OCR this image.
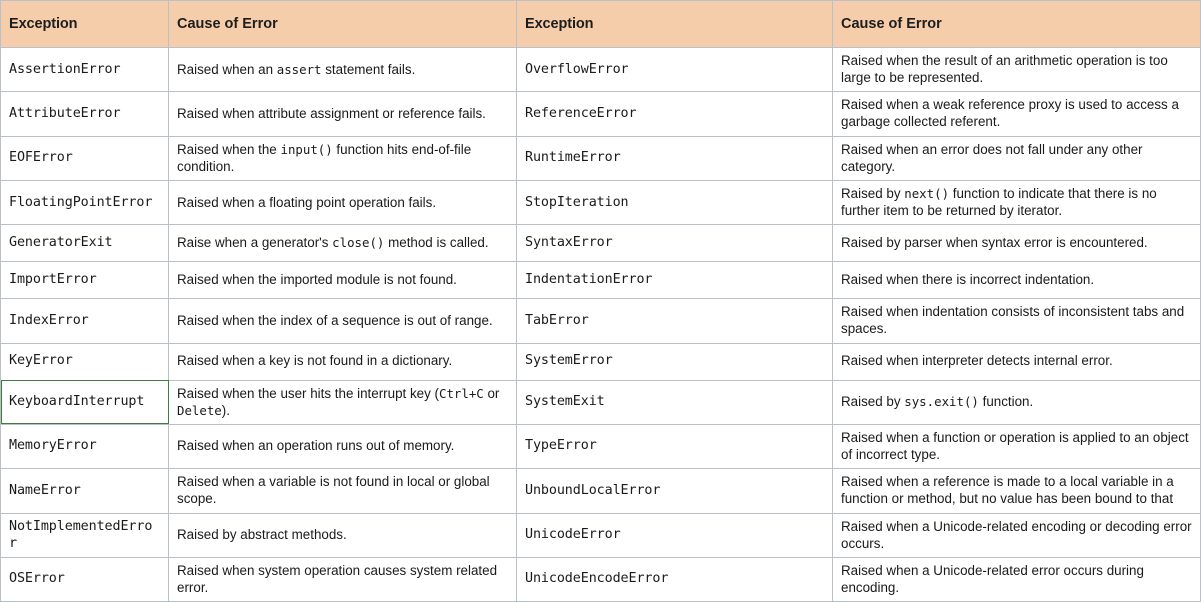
Exception	Cause of Error	Exception	Cause of Error
AssertionError	Raised when an assert statement fails.	OverflowError	Raised when the result of an arithmetic operation is too large to be represented.
AttributeError	Raised when attribute assignment or reference fails.	ReferenceError	Raised when a weak reference proxy is used to access a garbage collected referent.
EOFError	Raised when the input() function hits end-of-file condition.	RuntimeError	Raised when an error does not fall under any other category.
FloatingPointError	Raised when a floating point operation fails.	StopIteration	Raised by next() function to indicate that there is no further item to be returned by iterator.
GeneratorExit	Raise when a generator's close() method is called.	SyntaxError	Raised by parser when syntax error is encountered.
ImportError	Raised when the imported module is not found.	IndentationError	Raised when there is incorrect indentation.
IndexError	Raised when the index of a sequence is out of range.	TabError	Raised when indentation consists of inconsistent tabs and spaces.
KeyError	Raised when a key is not found in a dictionary.	SystemError	Raised when interpreter detects internal error.
KeyboardInterrupt	Raised when the user hits the interrupt key (Ctrl+C or Delete).	SystemExit	Raised by sys.exit() function.
MemoryError	Raised when an operation runs out of memory.	TypeError	Raised when a function or operation is applied to an object of incorrect type.
NameError	Raised when a variable is not found in local or global scope.	UnboundLocalError	Raised when a reference is made to a local variable in a function or method, but no value has been bound to that
NotImplementedError	Raised by abstract methods.	UnicodeError	Raised when a Unicode-related encoding or decoding error occurs.
OSError	Raised when system operation causes system related error.	UnicodeEncodeError	Raised when a Unicode-related error occurs during encoding.
